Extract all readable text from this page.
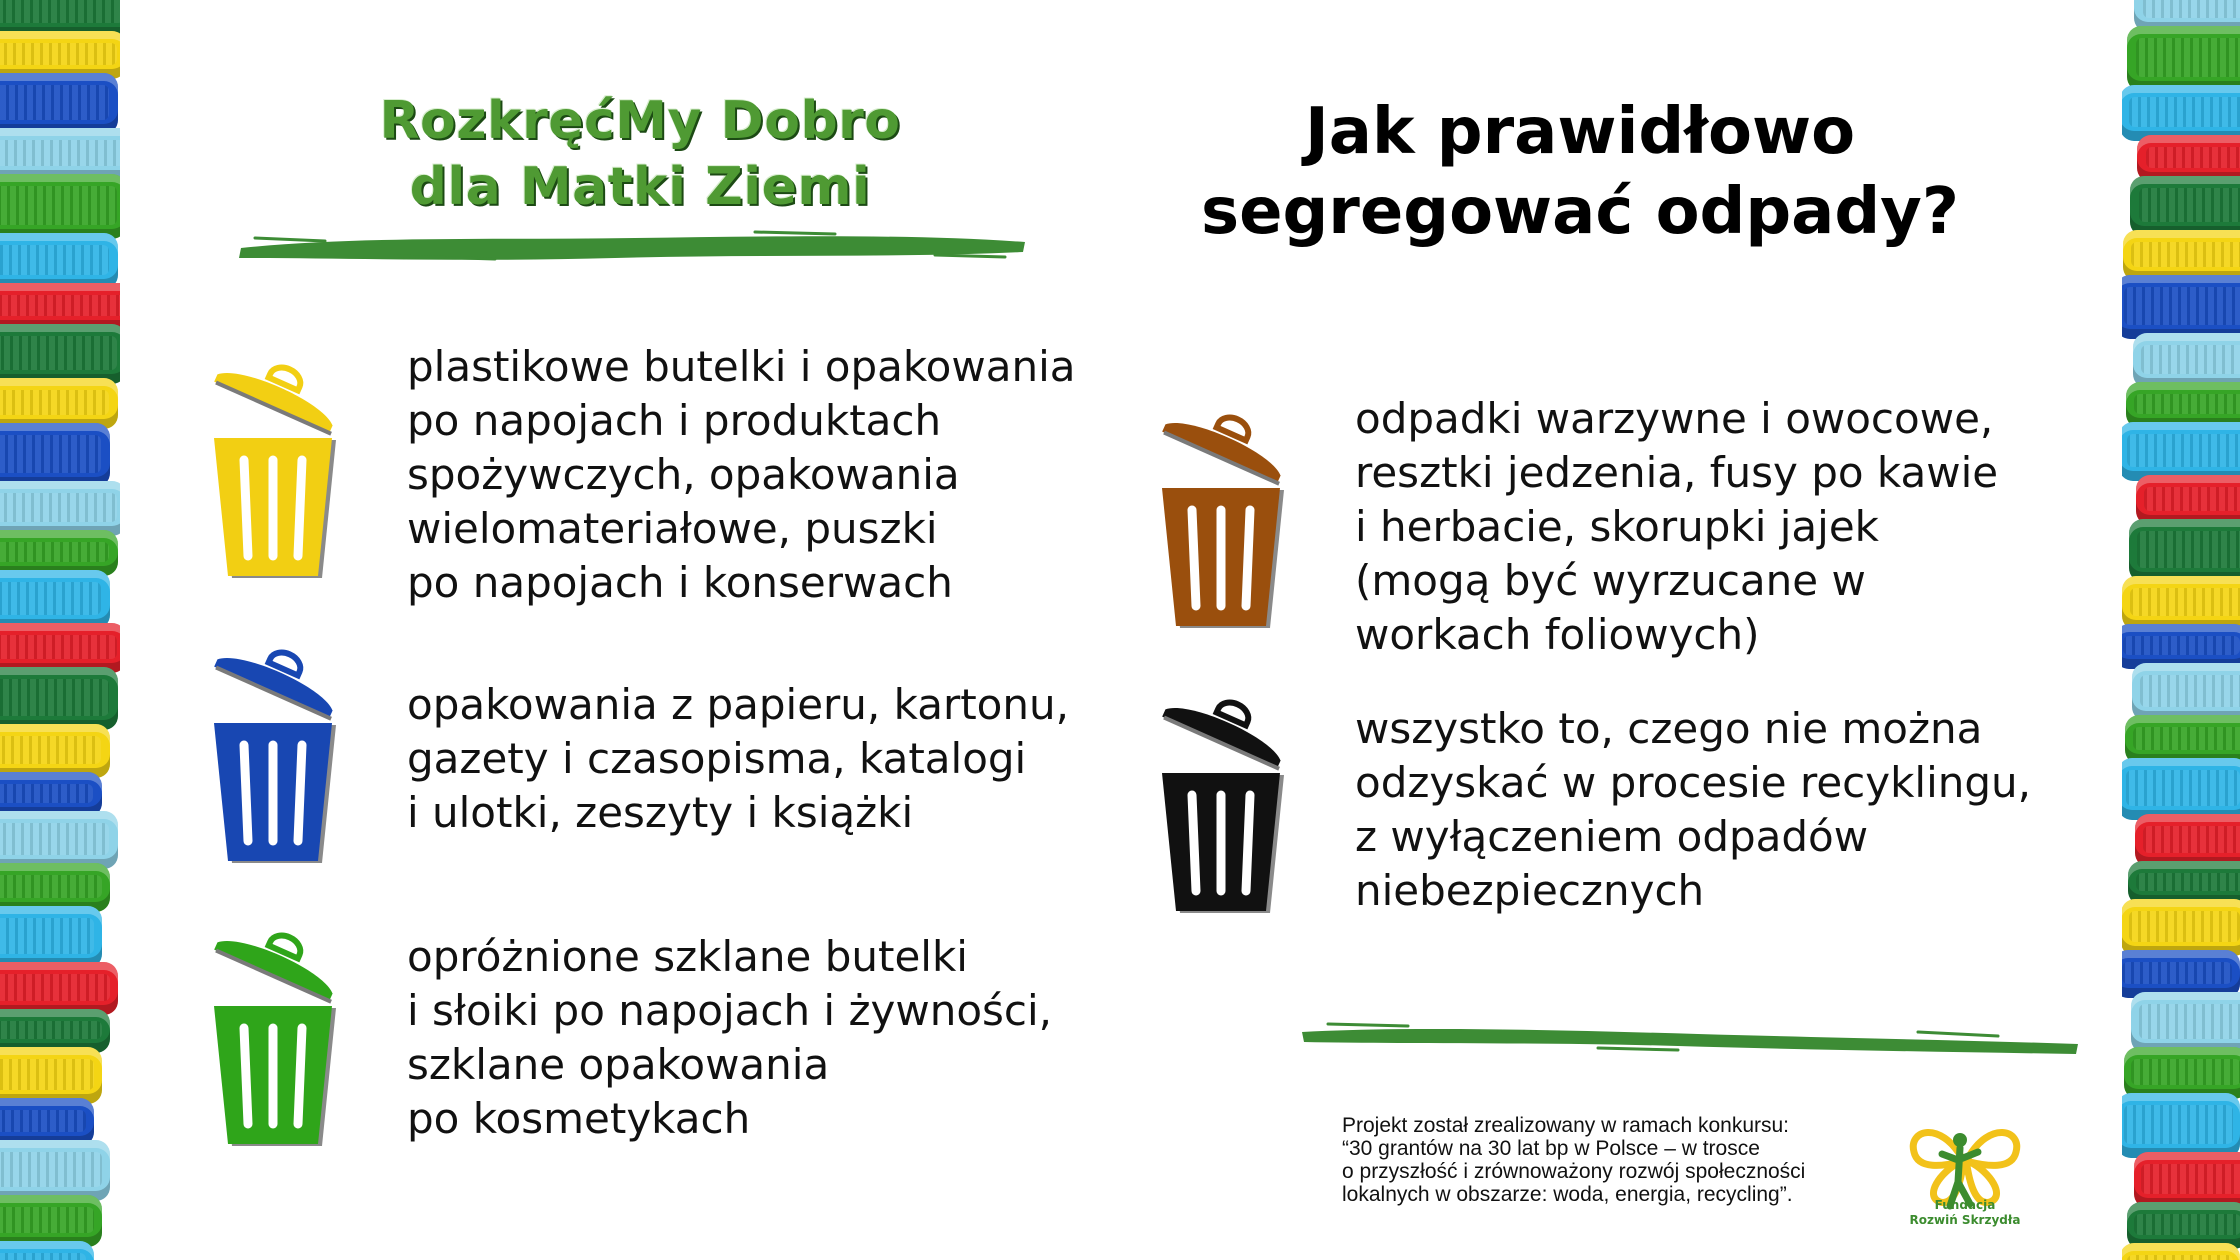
RozkręćMy Dobro
dla Matki Ziemi
Jak prawidłowo
segregować odpady?
plastikowe butelki i opakowania
po napojach i produktach
spożywczych, opakowania
wielomateriałowe, puszki
po napojach i konserwach
opakowania z papieru, kartonu,
gazety i czasopisma, katalogi
i ulotki, zeszyty i książki
opróżnione szklane butelki
i słoiki po napojach i żywności,
szklane opakowania
po kosmetykach
odpadki warzywne i owocowe,
resztki jedzenia, fusy po kawie
i herbacie, skorupki jajek
(mogą być wyrzucane w
workach foliowych)
wszystko to, czego nie można
odzyskać w procesie recyklingu,
z wyłączeniem odpadów
niebezpiecznych
Projekt został zrealizowany w ramach konkursu:
“30 grantów na 30 lat bp w Polsce – w trosce
o przyszłość i zrównoważony rozwój społeczności
lokalnych w obszarze: woda, energia, recycling”.	Fundacja
Rozwiń Skrzydła
